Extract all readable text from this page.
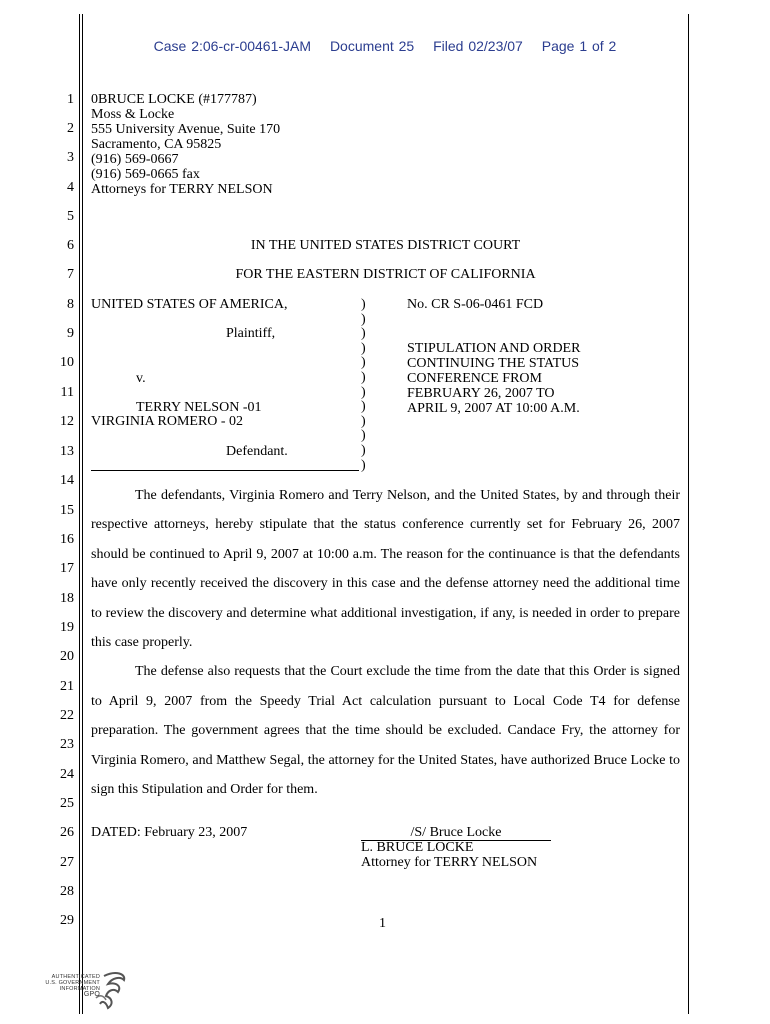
Case 2:06-cr-00461-JAM Document 25 Filed 02/23/07 Page 1 of 2
1
2
3
4
5
6
7
8
9
10
11
12
13
14
15
16
17
18
19
20
21
22
23
24
25
26
27
28
29
0BRUCE LOCKE (#177787)
Moss & Locke
555 University Avenue, Suite 170
Sacramento, CA 95825
(916) 569-0667
(916) 569-0665 fax
Attorneys for TERRY NELSON
IN THE UNITED STATES DISTRICT COURT
FOR THE EASTERN DISTRICT OF CALIFORNIA
UNITED STATES OF AMERICA,
Plaintiff,
v.
TERRY NELSON -01
VIRGINIA ROMERO - 02
Defendant.
)
)
)
)
)
)
)
)
)
)
)
)
No. CR S-06-0461 FCD
STIPULATION AND ORDER
CONTINUING THE STATUS
CONFERENCE FROM
FEBRUARY 26, 2007 TO
APRIL 9, 2007 AT 10:00 A.M.

The defendants, Virginia Romero and Terry Nelson, and the United States, by and through their respective attorneys, hereby stipulate that the status conference currently set for February 26, 2007 should be continued to April 9, 2007 at 10:00 a.m. The reason for the continuance is that the defendants have only recently received the discovery in this case and the defense attorney need the additional time to review the discovery and determine what additional investigation, if any, is needed in order to prepare this case properly.

The defense also requests that the Court exclude the time from the date that this Order is signed to April 9, 2007 from the Speedy Trial Act calculation pursuant to Local Code T4 for defense preparation. The government agrees that the time should be excluded. Candace Fry, the attorney for Virginia Romero, and Matthew Segal, the attorney for the United States, have authorized Bruce Locke to sign this Stipulation and Order for them.

DATED: February 23, 2007	/S/ Bruce Locke
L. BRUCE LOCKE
Attorney for TERRY NELSON
1
AUTHENTICATED
U.S. GOVERNMENT
INFORMATION
GPO
